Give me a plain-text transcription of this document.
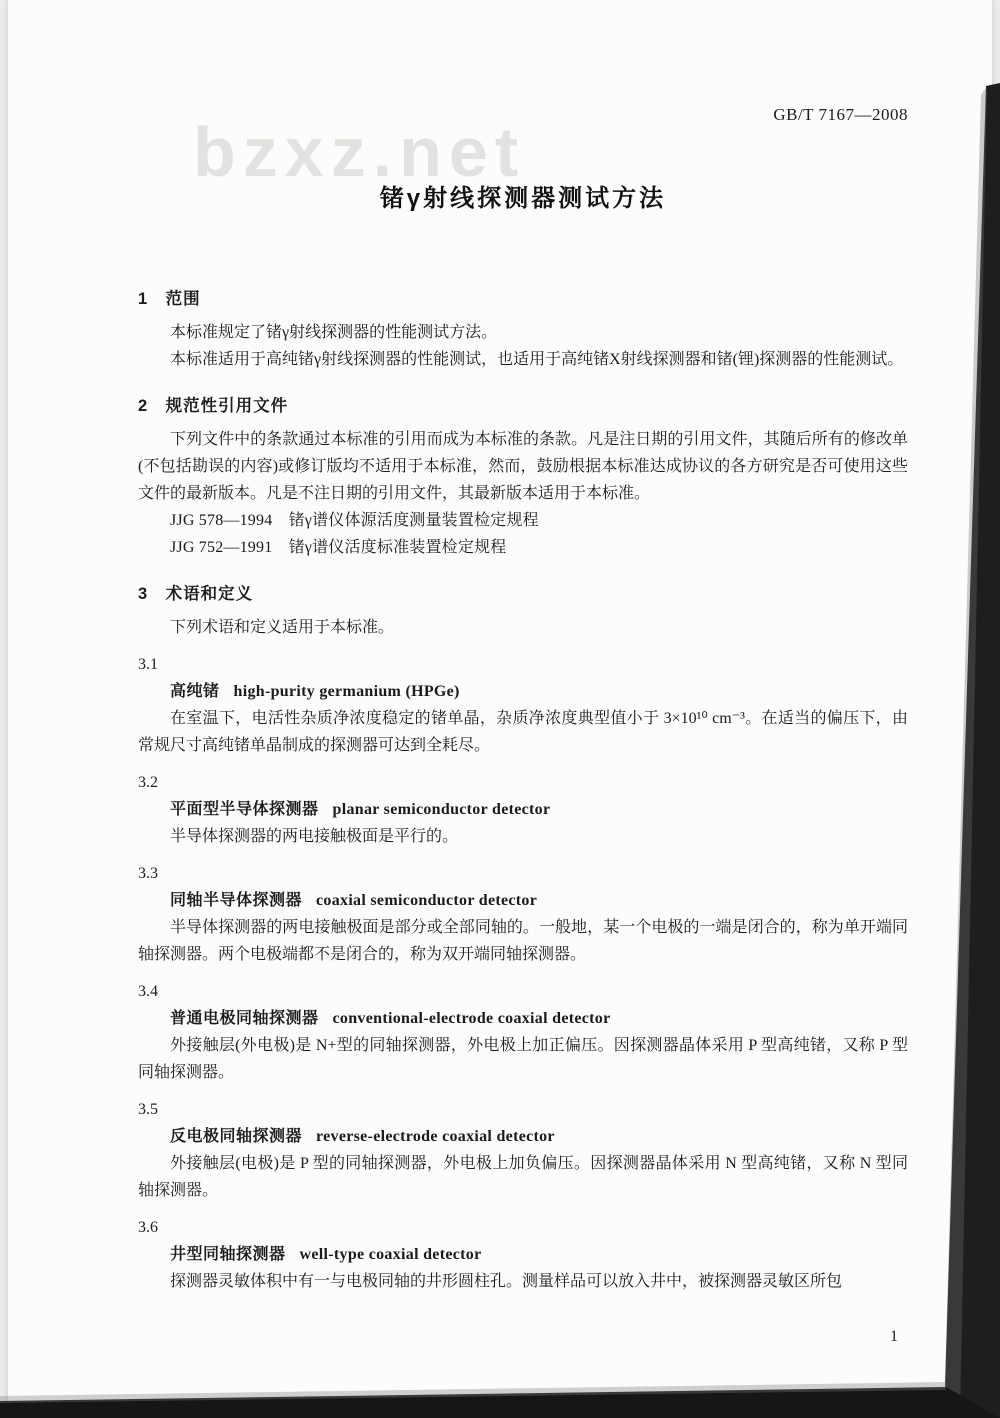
bzxz.net	GB/T 7167—2008
锗γ射线探测器测试方法
1　范围

本标准规定了锗γ射线探测器的性能测试方法。

本标准适用于高纯锗γ射线探测器的性能测试，也适用于高纯锗X射线探测器和锗(锂)探测器的性能测试。

2　规范性引用文件

下列文件中的条款通过本标准的引用而成为本标准的条款。凡是注日期的引用文件，其随后所有的修改单(不包括勘误的内容)或修订版均不适用于本标准，然而，鼓励根据本标准达成协议的各方研究是否可使用这些文件的最新版本。凡是不注日期的引用文件，其最新版本适用于本标准。

JJG 578—1994　锗γ谱仪体源活度测量装置检定规程

JJG 752—1991　锗γ谱仪活度标准装置检定规程

3　术语和定义

下列术语和定义适用于本标准。

3.1
高纯锗 high-purity germanium (HPGe)

在室温下，电活性杂质净浓度稳定的锗单晶，杂质净浓度典型值小于 3×10¹⁰ cm⁻³。在适当的偏压下，由常规尺寸高纯锗单晶制成的探测器可达到全耗尽。

3.2
平面型半导体探测器 planar semiconductor detector

半导体探测器的两电接触极面是平行的。

3.3
同轴半导体探测器 coaxial semiconductor detector

半导体探测器的两电接触极面是部分或全部同轴的。一般地，某一个电极的一端是闭合的，称为单开端同轴探测器。两个电极端都不是闭合的，称为双开端同轴探测器。

3.4
普通电极同轴探测器 conventional-electrode coaxial detector

外接触层(外电极)是 N+型的同轴探测器，外电极上加正偏压。因探测器晶体采用 P 型高纯锗，又称 P 型同轴探测器。

3.5
反电极同轴探测器 reverse-electrode coaxial detector

外接触层(电极)是 P 型的同轴探测器，外电极上加负偏压。因探测器晶体采用 N 型高纯锗，又称 N 型同轴探测器。

3.6
井型同轴探测器 well-type coaxial detector

探测器灵敏体积中有一与电极同轴的井形圆柱孔。测量样品可以放入井中，被探测器灵敏区所包

1
